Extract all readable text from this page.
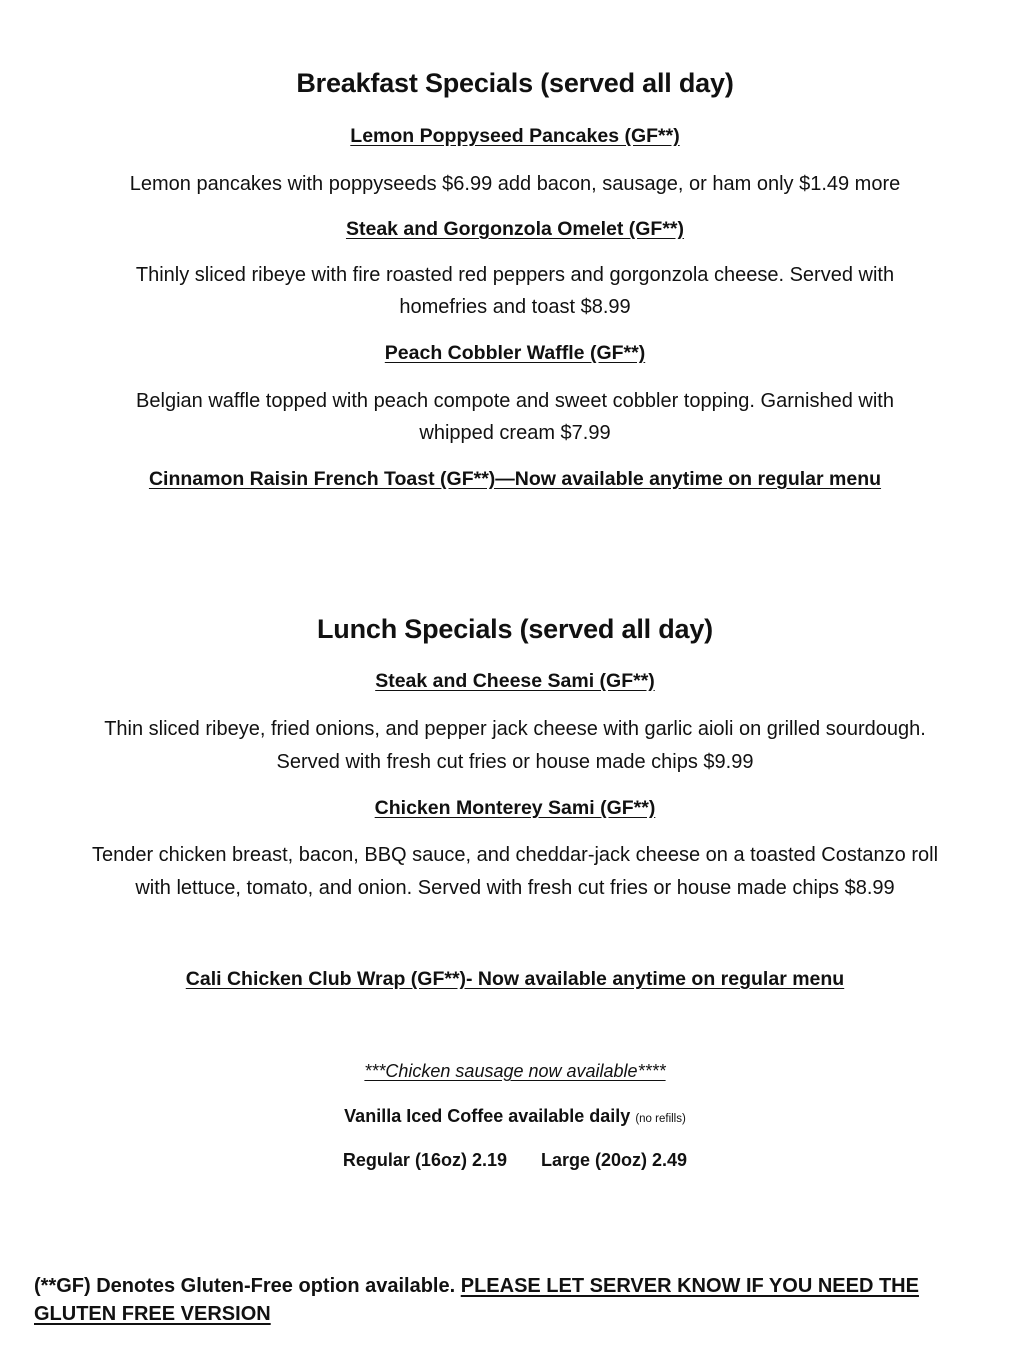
Breakfast Specials (served all day)
Lemon Poppyseed Pancakes (GF**)
Lemon pancakes with poppyseeds $6.99 add bacon, sausage, or ham only $1.49 more
Steak and Gorgonzola Omelet (GF**)
Thinly sliced ribeye with fire roasted red peppers and gorgonzola cheese. Served with
homefries and toast $8.99
Peach Cobbler Waffle (GF**)
Belgian waffle topped with peach compote and sweet cobbler topping. Garnished with
whipped cream $7.99
Cinnamon Raisin French Toast (GF**)—Now available anytime on regular menu
Lunch Specials (served all day)
Steak and Cheese Sami (GF**)
Thin sliced ribeye, fried onions, and pepper jack cheese with garlic aioli on grilled sourdough.
Served with fresh cut fries or house made chips $9.99
Chicken Monterey Sami (GF**)
Tender chicken breast, bacon, BBQ sauce, and cheddar-jack cheese on a toasted Costanzo roll
with lettuce, tomato, and onion. Served with fresh cut fries or house made chips $8.99
Cali Chicken Club Wrap (GF**)- Now available anytime on regular menu
***Chicken sausage now available****
Vanilla Iced Coffee available daily (no refills)
Regular (16oz) 2.19 Large (20oz) 2.49
(**GF) Denotes Gluten-Free option available. PLEASE LET SERVER KNOW IF YOU NEED THE GLUTEN FREE VERSION
